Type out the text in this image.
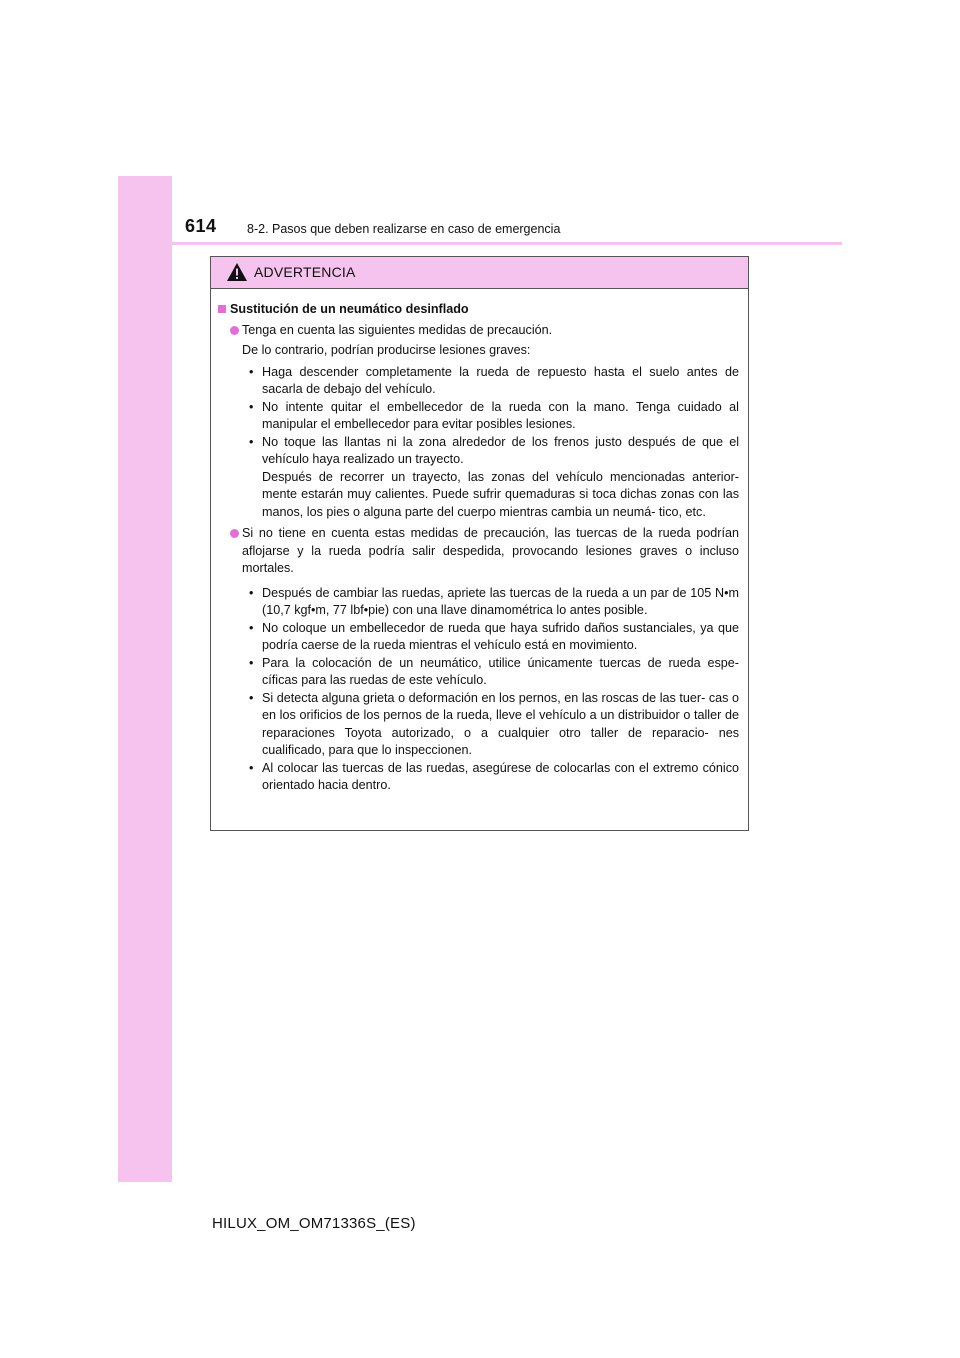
614 8-2. Pasos que deben realizarse en caso de emergencia
ADVERTENCIA
Sustitución de un neumático desinflado
Tenga en cuenta las siguientes medidas de precaución.
De lo contrario, podrían producirse lesiones graves:
• Haga descender completamente la rueda de repuesto hasta el suelo antes de sacarla de debajo del vehículo.
• No intente quitar el embellecedor de la rueda con la mano. Tenga cuidado al manipular el embellecedor para evitar posibles lesiones.
• No toque las llantas ni la zona alrededor de los frenos justo después de que el vehículo haya realizado un trayecto.
Después de recorrer un trayecto, las zonas del vehículo mencionadas anterior- mente estarán muy calientes. Puede sufrir quemaduras si toca dichas zonas con las manos, los pies o alguna parte del cuerpo mientras cambia un neumá- tico, etc.
Si no tiene en cuenta estas medidas de precaución, las tuercas de la rueda podrían aflojarse y la rueda podría salir despedida, provocando lesiones graves o incluso mortales.
• Después de cambiar las ruedas, apriete las tuercas de la rueda a un par de 105 N•m (10,7 kgf•m, 77 lbf•pie) con una llave dinamométrica lo antes posible.
• No coloque un embellecedor de rueda que haya sufrido daños sustanciales, ya que podría caerse de la rueda mientras el vehículo está en movimiento.
• Para la colocación de un neumático, utilice únicamente tuercas de rueda espe- cíficas para las ruedas de este vehículo.
• Si detecta alguna grieta o deformación en los pernos, en las roscas de las tuer- cas o en los orificios de los pernos de la rueda, lleve el vehículo a un distribuidor o taller de reparaciones Toyota autorizado, o a cualquier otro taller de reparacio- nes cualificado, para que lo inspeccionen.
• Al colocar las tuercas de las ruedas, asegúrese de colocarlas con el extremo cónico orientado hacia dentro.
HILUX_OM_OM71336S_(ES)
